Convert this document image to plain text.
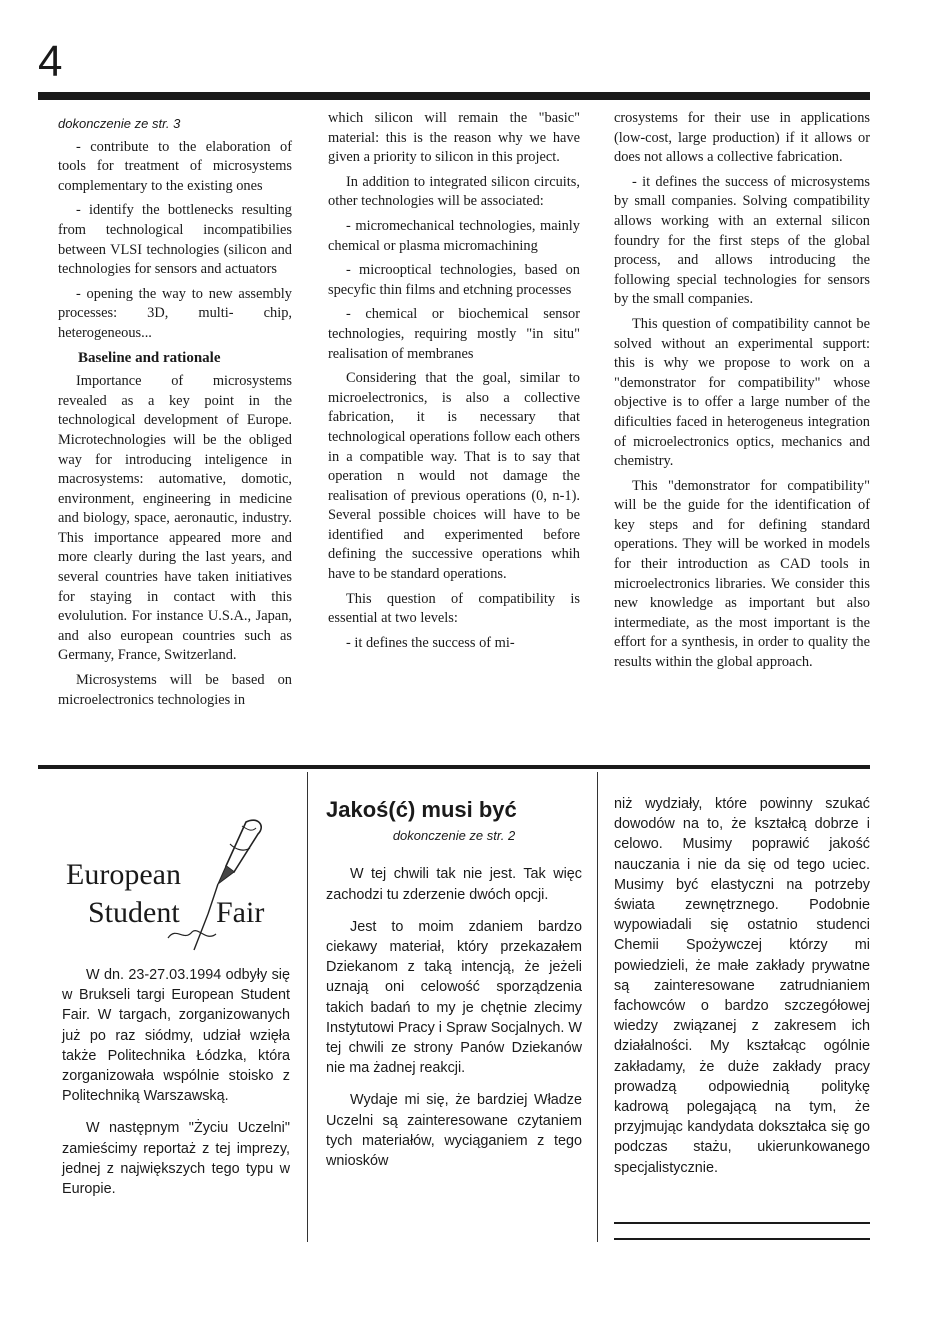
4
dokonczenie ze str. 3

- contribute to the elaboration of tools for treatment of microsystems complementary to the existing ones

- identify the bottlenecks resulting from technological incompatibilies between VLSI technologies (silicon and technologies for sensors and actuators

- opening the way to new assembly processes: 3D, multi- chip, heterogeneous...

Baseline and rationale

Importance of microsystems revealed as a key point in the technological development of Europe. Microtechnologies will be the obliged way for introducing inteligence in macrosystems: automative, domotic, environment, engineering in medicine and biology, space, aeronautic, industry. This importance appeared more and more clearly during the last years, and several countries have taken initiatives for staying in contact with this evolulution. For instance U.S.A., Japan, and also european countries such as Germany, France, Switzerland.

Microsystems will be based on microelectronics technologies in

which silicon will remain the "basic" material: this is the reason why we have given a priority to silicon in this project.

In addition to integrated silicon circuits, other technologies will be associated:

- micromechanical technologies, mainly chemical or plasma micromachining

- microoptical technologies, based on specyfic thin films and etchning processes

- chemical or biochemical sensor technologies, requiring mostly "in situ" realisation of membranes

Considering that the goal, similar to microelectronics, is also a collective fabrication, it is necessary that technological operations follow each others in a compatible way. That is to say that operation n would not damage the realisation of previous operations (0, n-1). Several possible choices will have to be identified and experimented before defining the successive operations whih have to be standard operations.

This question of compatibility is essential at two levels:

- it defines the success of mi-

crosystems for their use in applications (low-cost, large production) if it allows or does not allows a collective fabrication.

- it defines the success of microsystems by small companies. Solving compatibility allows working with an external silicon foundry for the first steps of the global process, and allows introducing the following special technologies for sensors by the small companies.

This question of compatibility cannot be solved without an experimental support: this is why we propose to work on a "demonstrator for compatibility" whose objective is to offer a large number of the dificulties faced in heterogeneus integration of microelectronics optics, mechanics and chemistry.

This "demonstrator for compatibility" will be the guide for the identification of key steps and for defining standard operations. They will be worked in models for their introduction as CAD tools in microelectronics libraries. We consider this new knowledge as important but also intermediate, as the most important is the effort for a synthesis, in order to quality the results within the global approach.

European
Student Fair

W dn. 23-27.03.1994 odbyły się w Brukseli targi European Student Fair. W targach, zorganizowanych już po raz siódmy, udział wzięła także Politechnika Łódzka, która zorganizowała wspólnie stoisko z Politechniką Warszawską.

W następnym "Życiu Uczelni" zamieścimy reportaż z tej imprezy, jednej z największych tego typu w Europie.

Jakoś(ć) musi być
dokonczenie ze str. 2

W tej chwili tak nie jest. Tak więc zachodzi tu zderzenie dwóch opcji.

Jest to moim zdaniem bardzo ciekawy materiał, który przekazałem Dziekanom z taką intencją, że jeżeli uznają oni celowość sporządzenia takich badań to my je chętnie zlecimy Instytutowi Pracy i Spraw Socjalnych. W tej chwili ze strony Panów Dziekanów nie ma żadnej reakcji.

Wydaje mi się, że bardziej Władze Uczelni są zainteresowane czytaniem tych materiałów, wyciąganiem z tego wniosków

niż wydziały, które powinny szukać dowodów na to, że kształcą dobrze i celowo. Musimy poprawić jakość nauczania i nie da się od tego uciec. Musimy być elastyczni na potrzeby świata zewnętrznego. Podobnie wypowiadali się ostatnio studenci Chemii Spożywczej którzy mi powiedzieli, że małe zakłady prywatne są zainteresowane zatrudnianiem fachowców o bardzo szczegółowej wiedzy związanej z zakresem ich działalności. My kształcąc ogólnie zakładamy, że duże zakłady pracy prowadzą odpowiednią politykę kadrową polegającą na tym, że przyjmując kandydata dokształca się go podczas stażu, ukierunkowanego specjalistycznie.
